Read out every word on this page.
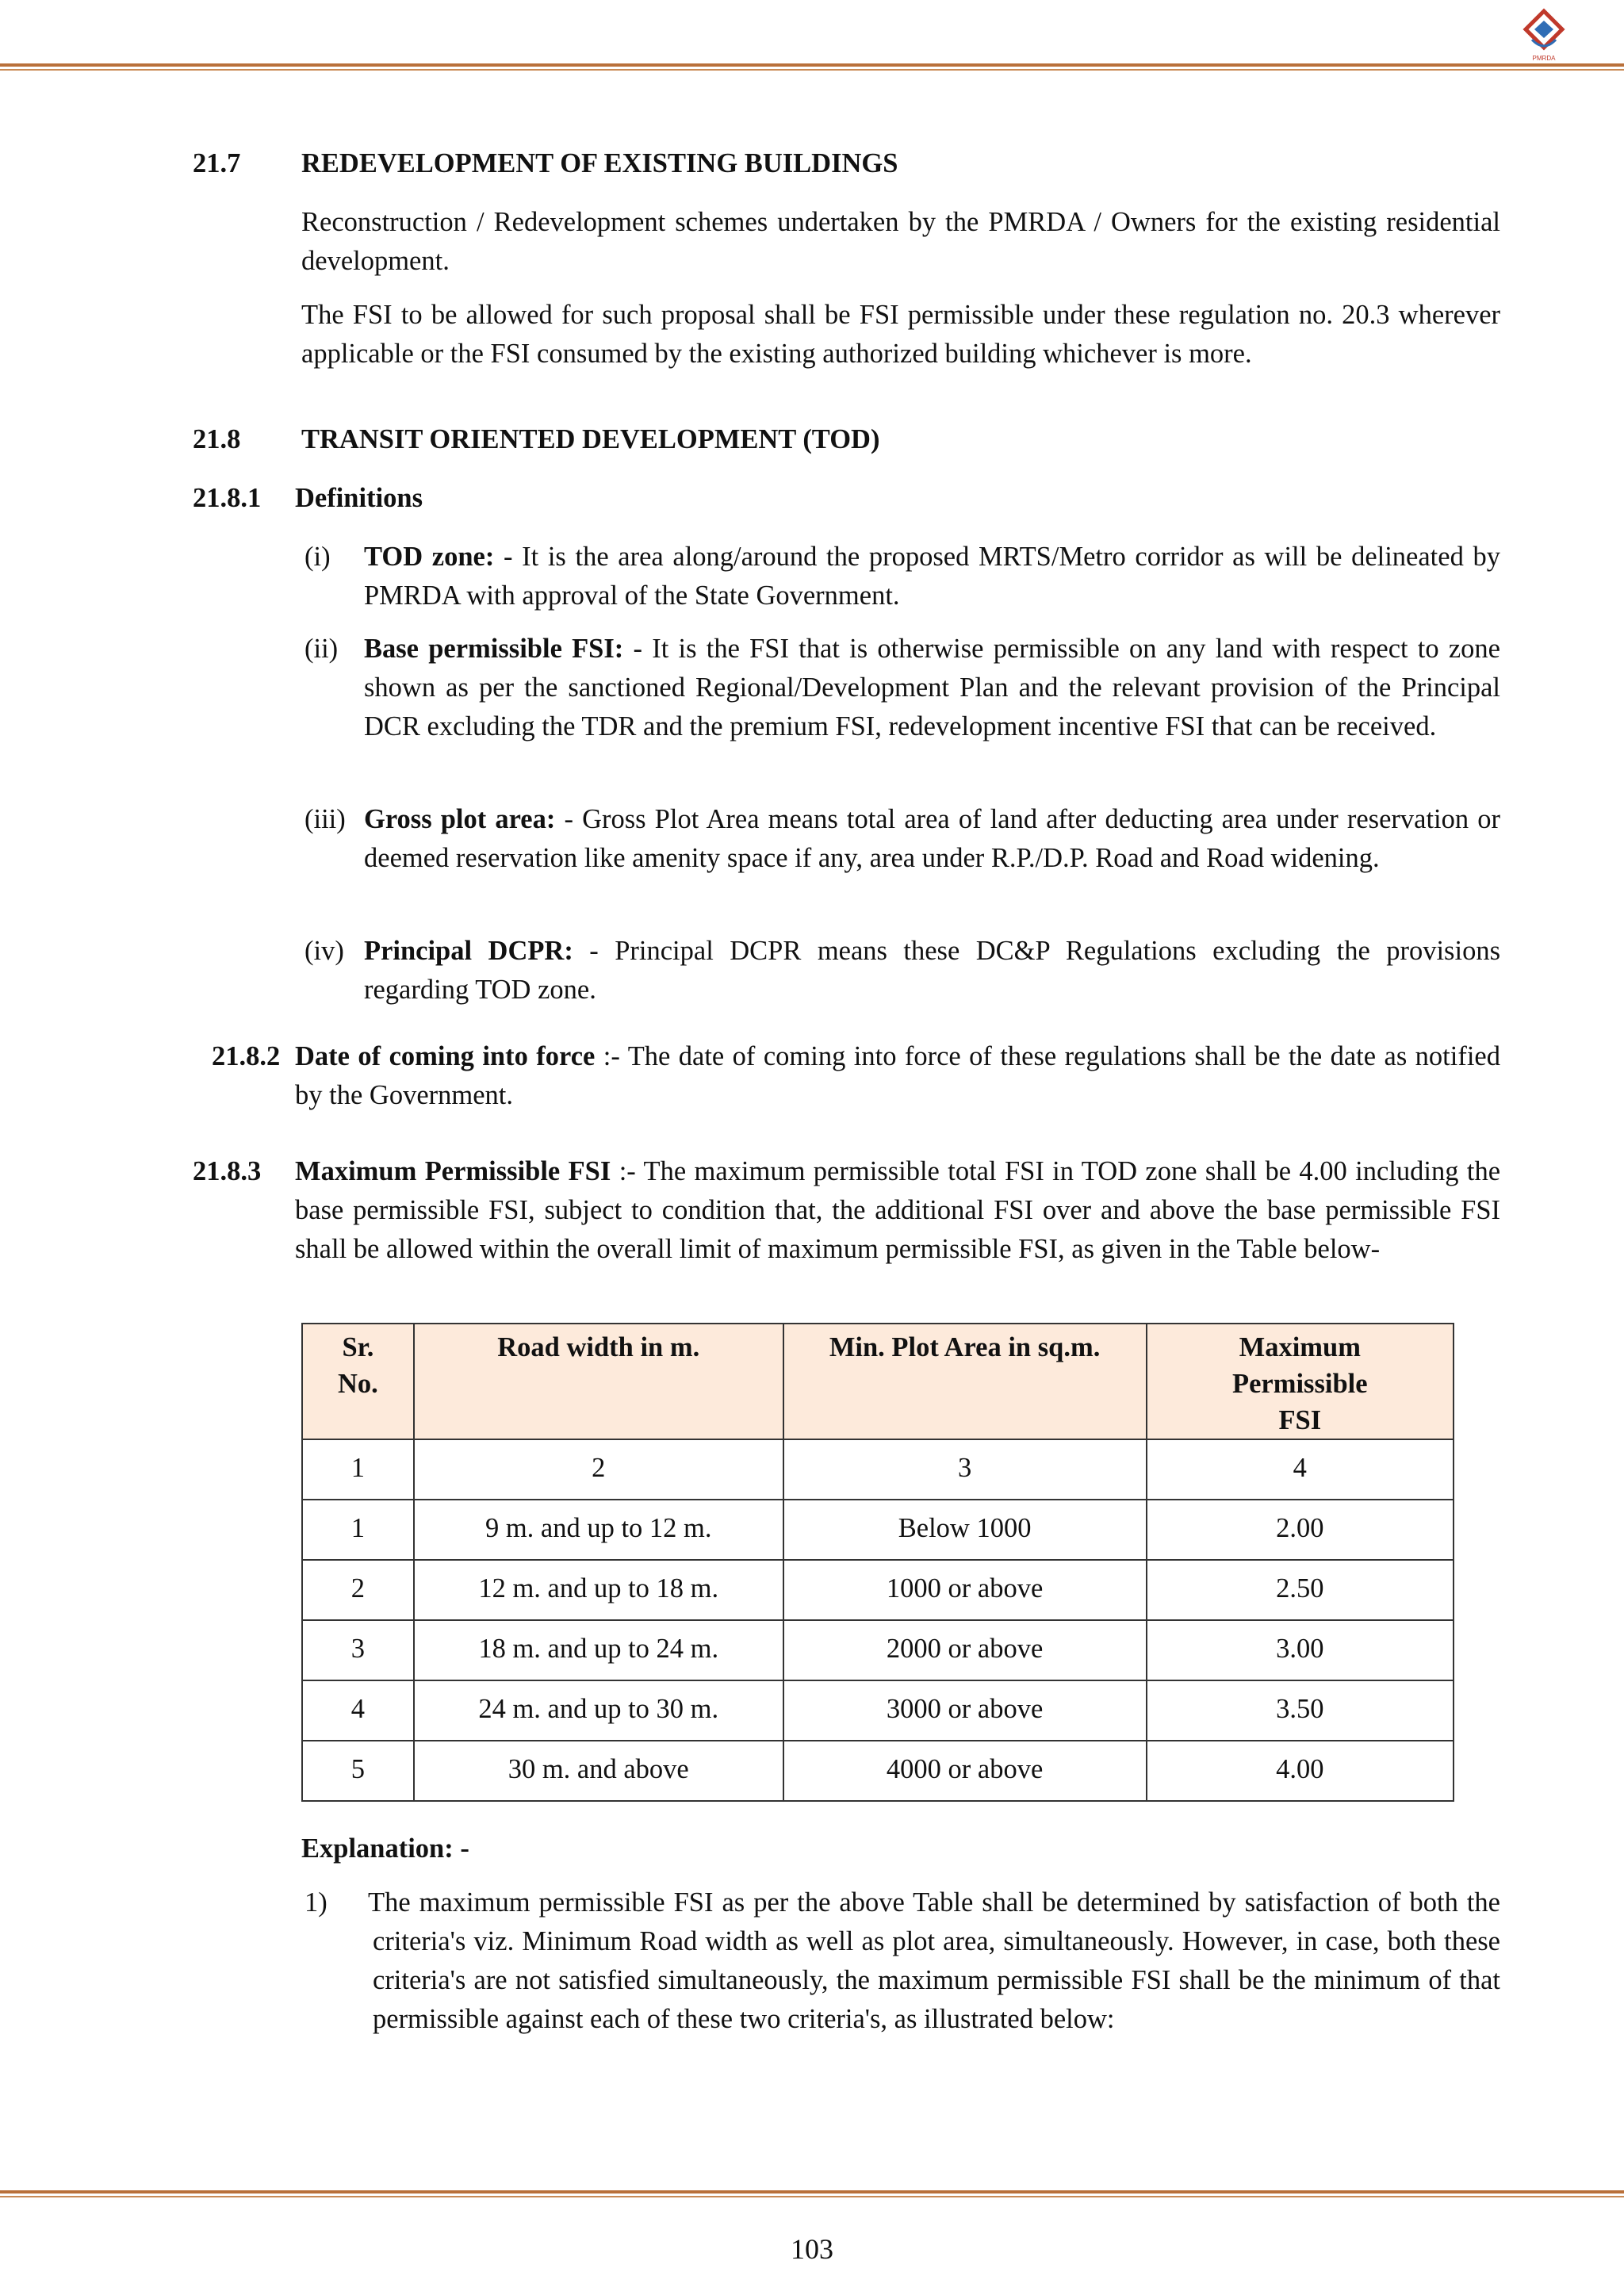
PMRDA
21.7 REDEVELOPMENT OF EXISTING BUILDINGS
Reconstruction / Redevelopment schemes undertaken by the PMRDA / Owners for the existing residential development.
The FSI to be allowed for such proposal shall be FSI permissible under these regulation no. 20.3 wherever applicable or the FSI consumed by the existing authorized building whichever is more.
21.8 TRANSIT ORIENTED DEVELOPMENT (TOD)
21.8.1 Definitions
(i) TOD zone: - It is the area along/around the proposed MRTS/Metro corridor as will be delineated by PMRDA with approval of the State Government.
(ii) Base permissible FSI: - It is the FSI that is otherwise permissible on any land with respect to zone shown as per the sanctioned Regional/Development Plan and the relevant provision of the Principal DCR excluding the TDR and the premium FSI, redevelopment incentive FSI that can be received.
(iii) Gross plot area: - Gross Plot Area means total area of land after deducting area under reservation or deemed reservation like amenity space if any, area under R.P./D.P. Road and Road widening.
(iv) Principal DCPR: - Principal DCPR means these DC&P Regulations excluding the provisions regarding TOD zone.
21.8.2 Date of coming into force :- The date of coming into force of these regulations shall be the date as notified by the Government.
21.8.3 Maximum Permissible FSI :- The maximum permissible total FSI in TOD zone shall be 4.00 including the base permissible FSI, subject to condition that, the additional FSI over and above the base permissible FSI shall be allowed within the overall limit of maximum permissible FSI, as given in the Table below-
Sr. No.	Road width in m.	Min. Plot Area in sq.m.	Maximum Permissible FSI

1	2	3	4
1	9 m. and up to 12 m.	Below 1000	2.00
2	12 m. and up to 18 m.	1000 or above	2.50
3	18 m. and up to 24 m.	2000 or above	3.00
4	24 m. and up to 30 m.	3000 or above	3.50
5	30 m. and above	4000 or above	4.00
Explanation: -
1) The maximum permissible FSI as per the above Table shall be determined by satisfaction of both the criteria's viz. Minimum Road width as well as plot area, simultaneously. However, in case, both these criteria's are not satisfied simultaneously, the maximum permissible FSI shall be the minimum of that permissible against each of these two criteria's, as illustrated below:
103
